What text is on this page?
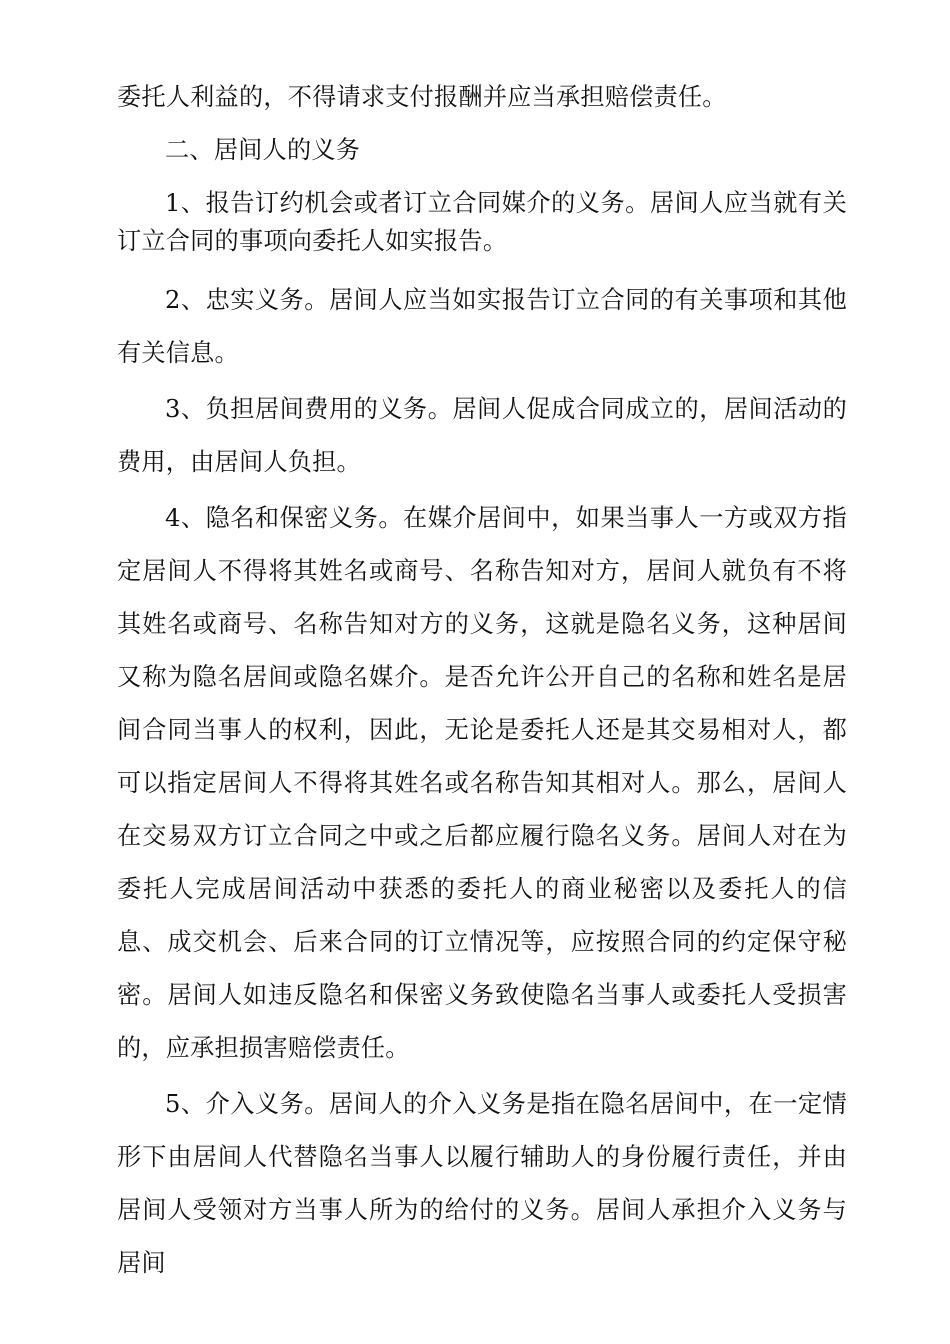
委托人利益的，不得请求支付报酬并应当承担赔偿责任。

二、居间人的义务

1、报告订约机会或者订立合同媒介的义务。居间人应当就有关订立合同的事项向委托人如实报告。

2、忠实义务。居间人应当如实报告订立合同的有关事项和其他有关信息。

3、负担居间费用的义务。居间人促成合同成立的，居间活动的费用，由居间人负担。

4、隐名和保密义务。在媒介居间中，如果当事人一方或双方指定居间人不得将其姓名或商号、名称告知对方，居间人就负有不将其姓名或商号、名称告知对方的义务，这就是隐名义务，这种居间又称为隐名居间或隐名媒介。是否允许公开自己的名称和姓名是居间合同当事人的权利，因此，无论是委托人还是其交易相对人，都可以指定居间人不得将其姓名或名称告知其相对人。那么，居间人在交易双方订立合同之中或之后都应履行隐名义务。居间人对在为委托人完成居间活动中获悉的委托人的商业秘密以及委托人的信息、成交机会、后来合同的订立情况等，应按照合同的约定保守秘密。居间人如违反隐名和保密义务致使隐名当事人或委托人受损害的，应承担损害赔偿责任。

5、介入义务。居间人的介入义务是指在隐名居间中，在一定情形下由居间人代替隐名当事人以履行辅助人的身份履行责任，并由居间人受领对方当事人所为的给付的义务。居间人承担介入义务与居间
